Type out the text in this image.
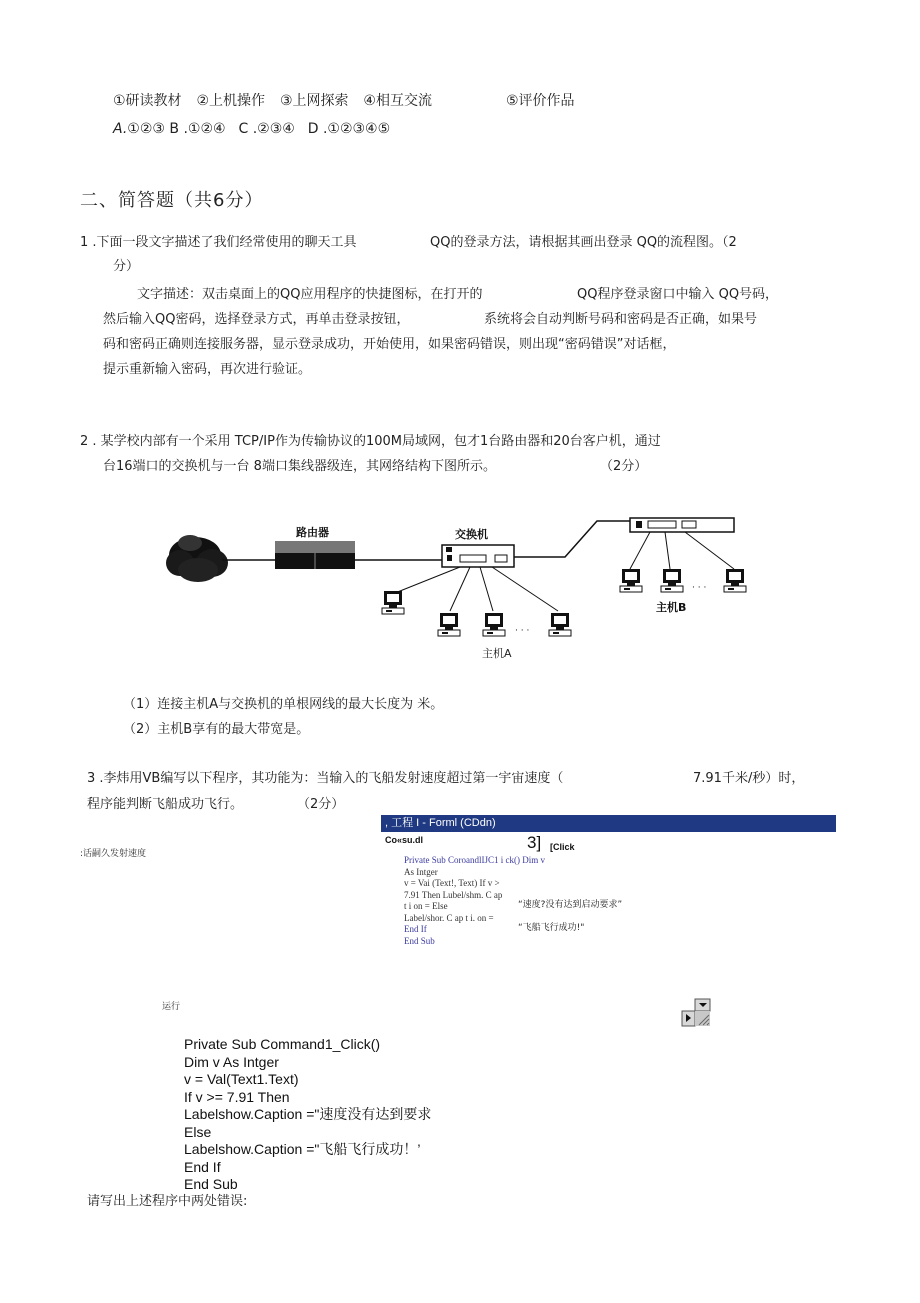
①研读教材 ②上机操作 ③上网探索 ④相互交流	⑤评价作品
A.①②③ B .①②④ C .②③④ D .①②③④⑤
二、简答题（共6分）
1 .下面一段文字描述了我们经常使用的聊天工具	QQ的登录方法，请根据其画出登录 QQ的流程图。（2
分）
文字描述：双击桌面上的QQ应用程序的快捷图标，在打开的	QQ程序登录窗口中输入 QQ号码，
然后输入QQ密码，选择登录方式，再单击登录按钮，	系统将会自动判断号码和密码是否正确，如果号
码和密码正确则连接服务器，显示登录成功，开始使用，如果密码错误，则出现“密码错误”对话框，
提示重新输入密码，再次进行验证。
2 . 某学校内部有一个采用 TCP/IP作为传输协议的100M局域网，包才1台路由器和20台客户机，通过
台16端口的交换机与一台 8端口集线器级连，其网络结构下图所示。	（2分）
路由器	交换机
· · ·
· · ·
主机B
主机A
（1）连接主机A与交换机的单根网线的最大长度为 米。
（2）主机B享有的最大带宽是。
3 .李炜用VB编写以下程序，其功能为：当输入的飞船发射速度超过第一宇宙速度（	7.91千米/秒）时，
程序能判断飞船成功飞行。	（2分）
:话嗣久发射速度
, 工程 I - Forml (CDdn)
Co«su.dl	3] [Click
Private Sub CoroandlIJC1 i ck() Dim v
As Intger
v = Vai (Text!, Text) If v >
7.91 Then Lubel/shm. C ap
t i on = Else
Label/shor. C ap t i. on =
End If
End Sub
“速度?没有达到启动要求”
“飞船飞行成功!"
运行
Private Sub Command1_Click()
Dim v As Intger
v = Val(Text1.Text)
If v >= 7.91 Then
Labelshow.Caption ="速度没有达到要求
Else
Labelshow.Caption ="飞船飞行成功！’
End If
End Sub
请写出上述程序中两处错误:
